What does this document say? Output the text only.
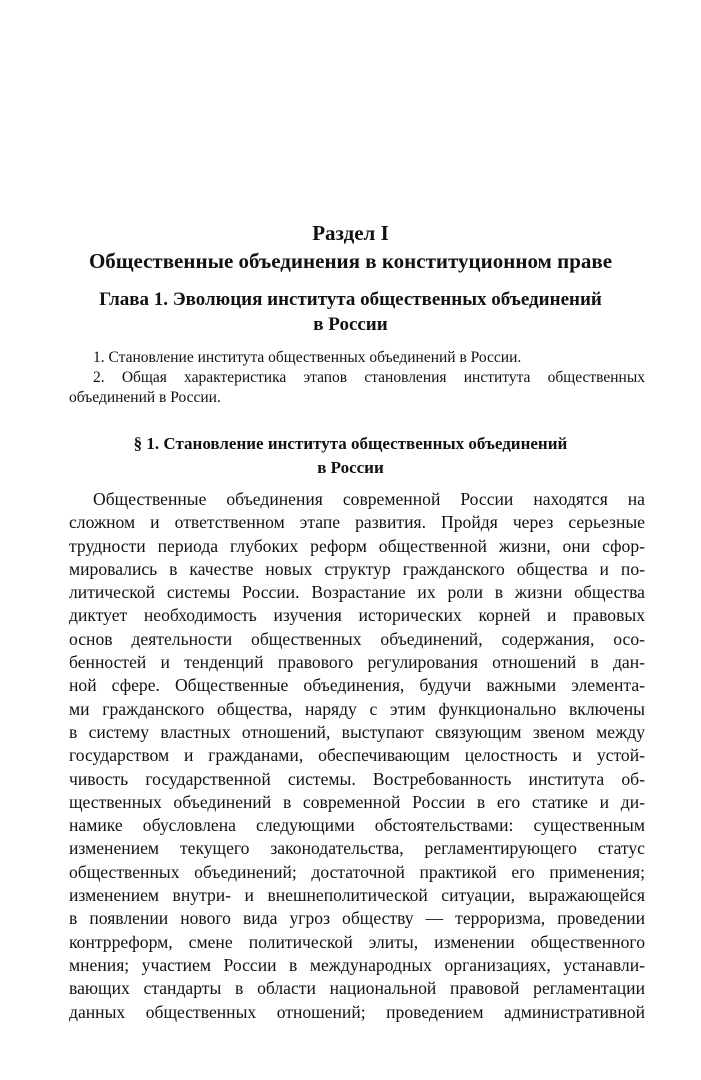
Раздел I
Общественные объединения в конституционном праве
Глава 1. Эволюция института общественных объединений
в России

1. Становление института общественных объединений в России.

2. Общая характеристика этапов становления института общественных объединений в России.

§ 1. Становление института общественных объединений
в России
Общественные объединения современной России находятся на
сложном и ответственном этапе развития. Пройдя через серьезные
трудности периода глубоких реформ общественной жизни, они сфор-
мировались в качестве новых структур гражданского общества и по-
литической системы России. Возрастание их роли в жизни общества
диктует необходимость изучения исторических корней и правовых
основ деятельности общественных объединений, содержания, осо-
бенностей и тенденций правового регулирования отношений в дан-
ной сфере. Общественные объединения, будучи важными элемента-
ми гражданского общества, наряду с этим функционально включены
в систему властных отношений, выступают связующим звеном между
государством и гражданами, обеспечивающим целостность и устой-
чивость государственной системы. Востребованность института об-
щественных объединений в современной России в его статике и ди-
намике обусловлена следующими обстоятельствами: существенным
изменением текущего законодательства, регламентирующего статус
общественных объединений; достаточной практикой его применения;
изменением внутри- и внешнеполитической ситуации, выражающейся
в появлении нового вида угроз обществу — терроризма, проведении
контрреформ, смене политической элиты, изменении общественного
мнения; участием России в международных организациях, устанавли-
вающих стандарты в области национальной правовой регламентации
данных общественных отношений; проведением административной
